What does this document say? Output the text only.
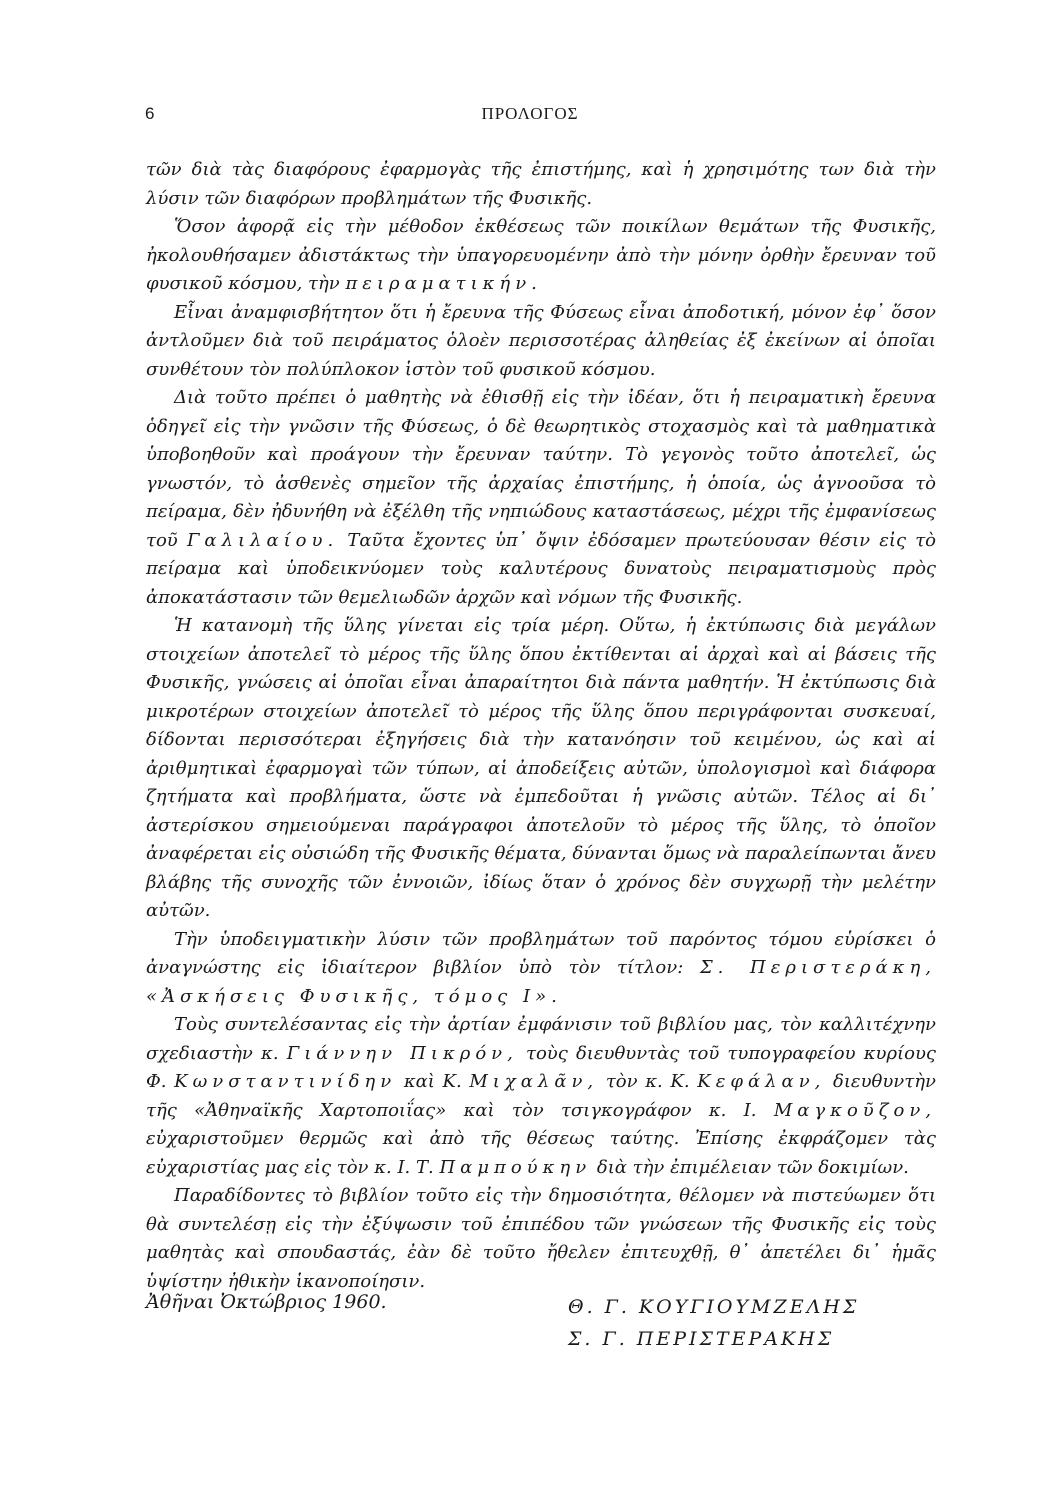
6	ΠΡΟΛΟΓΟΣ

τῶν διὰ τὰς διαφόρους ἐφαρμογὰς τῆς ἐπιστήμης, καὶ ἡ χρησιμότης των διὰ τὴν λύσιν τῶν διαφόρων προβλημάτων τῆς Φυσικῆς.

Ὅσον ἀφορᾷ εἰς τὴν μέθοδον ἐκθέσεως τῶν ποικίλων θεμάτων τῆς Φυσικῆς, ἠκολουθήσαμεν ἀδιστάκτως τὴν ὑπαγορευομένην ἀπὸ τὴν μόνην ὀρθὴν ἔρευναν τοῦ φυσικοῦ κόσμου, τὴν πειραματικήν.

Εἶναι ἀναμφισβήτητον ὅτι ἡ ἔρευνα τῆς Φύσεως εἶναι ἀποδοτική, μόνον ἐφ᾽ ὅσον ἀντλοῦμεν διὰ τοῦ πειράματος ὁλοὲν περισσοτέρας ἀληθείας ἐξ ἐκείνων αἱ ὁποῖαι συνθέτουν τὸν πολύπλοκον ἱστὸν τοῦ φυσικοῦ κόσμου.

Διὰ τοῦτο πρέπει ὁ μαθητὴς νὰ ἐθισθῇ εἰς τὴν ἰδέαν, ὅτι ἡ πειραματικὴ ἔρευνα ὁδηγεῖ εἰς τὴν γνῶσιν τῆς Φύσεως, ὁ δὲ θεωρητικὸς στοχασμὸς καὶ τὰ μαθηματικὰ ὑποβοηθοῦν καὶ προάγουν τὴν ἔρευναν ταύτην. Τὸ γεγονὸς τοῦτο ἀποτελεῖ, ὡς γνωστόν, τὸ ἀσθενὲς σημεῖον τῆς ἀρχαίας ἐπιστήμης, ἡ ὁποία, ὡς ἀγνοοῦσα τὸ πείραμα, δὲν ἠδυνήθη νὰ ἐξέλθη τῆς νηπιώδους καταστάσεως, μέχρι τῆς ἐμφανίσεως τοῦ Γαλιλαίου. Ταῦτα ἔχοντες ὑπ᾽ ὄψιν ἐδόσαμεν πρωτεύουσαν θέσιν εἰς τὸ πείραμα καὶ ὑποδεικνύομεν τοὺς καλυτέρους δυνατοὺς πειραματισμοὺς πρὸς ἀποκατάστασιν τῶν θεμελιωδῶν ἀρχῶν καὶ νόμων τῆς Φυσικῆς.

Ἡ κατανομὴ τῆς ὕλης γίνεται εἰς τρία μέρη. Οὕτω, ἡ ἐκτύπωσις διὰ μεγάλων στοιχείων ἀποτελεῖ τὸ μέρος τῆς ὕλης ὅπου ἐκτίθενται αἱ ἀρχαὶ καὶ αἱ βάσεις τῆς Φυσικῆς, γνώσεις αἱ ὁποῖαι εἶναι ἀπαραίτητοι διὰ πάντα μαθητήν. Ἡ ἐκτύπωσις διὰ μικροτέρων στοιχείων ἀποτελεῖ τὸ μέρος τῆς ὕλης ὅπου περιγράφονται συσκευαί, δίδονται περισσότεραι ἐξηγήσεις διὰ τὴν κατανόησιν τοῦ κειμένου, ὡς καὶ αἱ ἀριθμητικαὶ ἐφαρμογαὶ τῶν τύπων, αἱ ἀποδείξεις αὐτῶν, ὑπολογισμοὶ καὶ διάφορα ζητήματα καὶ προβλήματα, ὥστε νὰ ἐμπεδοῦται ἡ γνῶσις αὐτῶν. Τέλος αἱ δι᾽ ἀστερίσκου σημειούμεναι παράγραφοι ἀποτελοῦν τὸ μέρος τῆς ὕλης, τὸ ὁποῖον ἀναφέρεται εἰς οὐσιώδη τῆς Φυσικῆς θέματα, δύνανται ὅμως νὰ παραλείπωνται ἄνευ βλάβης τῆς συνοχῆς τῶν ἐννοιῶν, ἰδίως ὅταν ὁ χρόνος δὲν συγχωρῇ τὴν μελέτην αὐτῶν.

Τὴν ὑποδειγματικὴν λύσιν τῶν προβλημάτων τοῦ παρόντος τόμου εὑρίσκει ὁ ἀναγνώστης εἰς ἰδιαίτερον βιβλίον ὑπὸ τὸν τίτλον: Σ. Περιστεράκη, «Ἀσκήσεις Φυσικῆς, τόμος Ι».

Τοὺς συντελέσαντας εἰς τὴν ἀρτίαν ἐμφάνισιν τοῦ βιβλίου μας, τὸν καλλιτέχνην σχεδιαστὴν κ. Γιάννην Πικρόν, τοὺς διευθυντὰς τοῦ τυπογραφείου κυρίους Φ. Κωνσταντινίδην καὶ Κ. Μιχαλᾶν, τὸν κ. Κ. Κεφάλαν, διευθυντὴν τῆς «Ἀθηναϊκῆς Χαρτοποιΐας» καὶ τὸν τσιγκογράφον κ. Ι. Μαγκοῦζον, εὐχαριστοῦμεν θερμῶς καὶ ἀπὸ τῆς θέσεως ταύτης. Ἐπίσης ἐκφράζομεν τὰς εὐχαριστίας μας εἰς τὸν κ. Ι. Τ. Παμπούκην διὰ τὴν ἐπιμέλειαν τῶν δοκιμίων.

Παραδίδοντες τὸ βιβλίον τοῦτο εἰς τὴν δημοσιότητα, θέλομεν νὰ πιστεύωμεν ὅτι θὰ συντελέσῃ εἰς τὴν ἐξύψωσιν τοῦ ἐπιπέδου τῶν γνώσεων τῆς Φυσικῆς εἰς τοὺς μαθητὰς καὶ σπουδαστάς, ἐὰν δὲ τοῦτο ἤθελεν ἐπιτευχθῇ, θ᾽ ἀπετέλει δι᾽ ἡμᾶς ὑψίστην ἠθικὴν ἱκανοποίησιν.

Ἀθῆναι Ὀκτώβριος 1960.	Θ. Γ. ΚΟΥΓΙΟΥΜΖΕΛΗΣ
Σ. Γ. ΠΕΡΙΣΤΕΡΑΚΗΣ
